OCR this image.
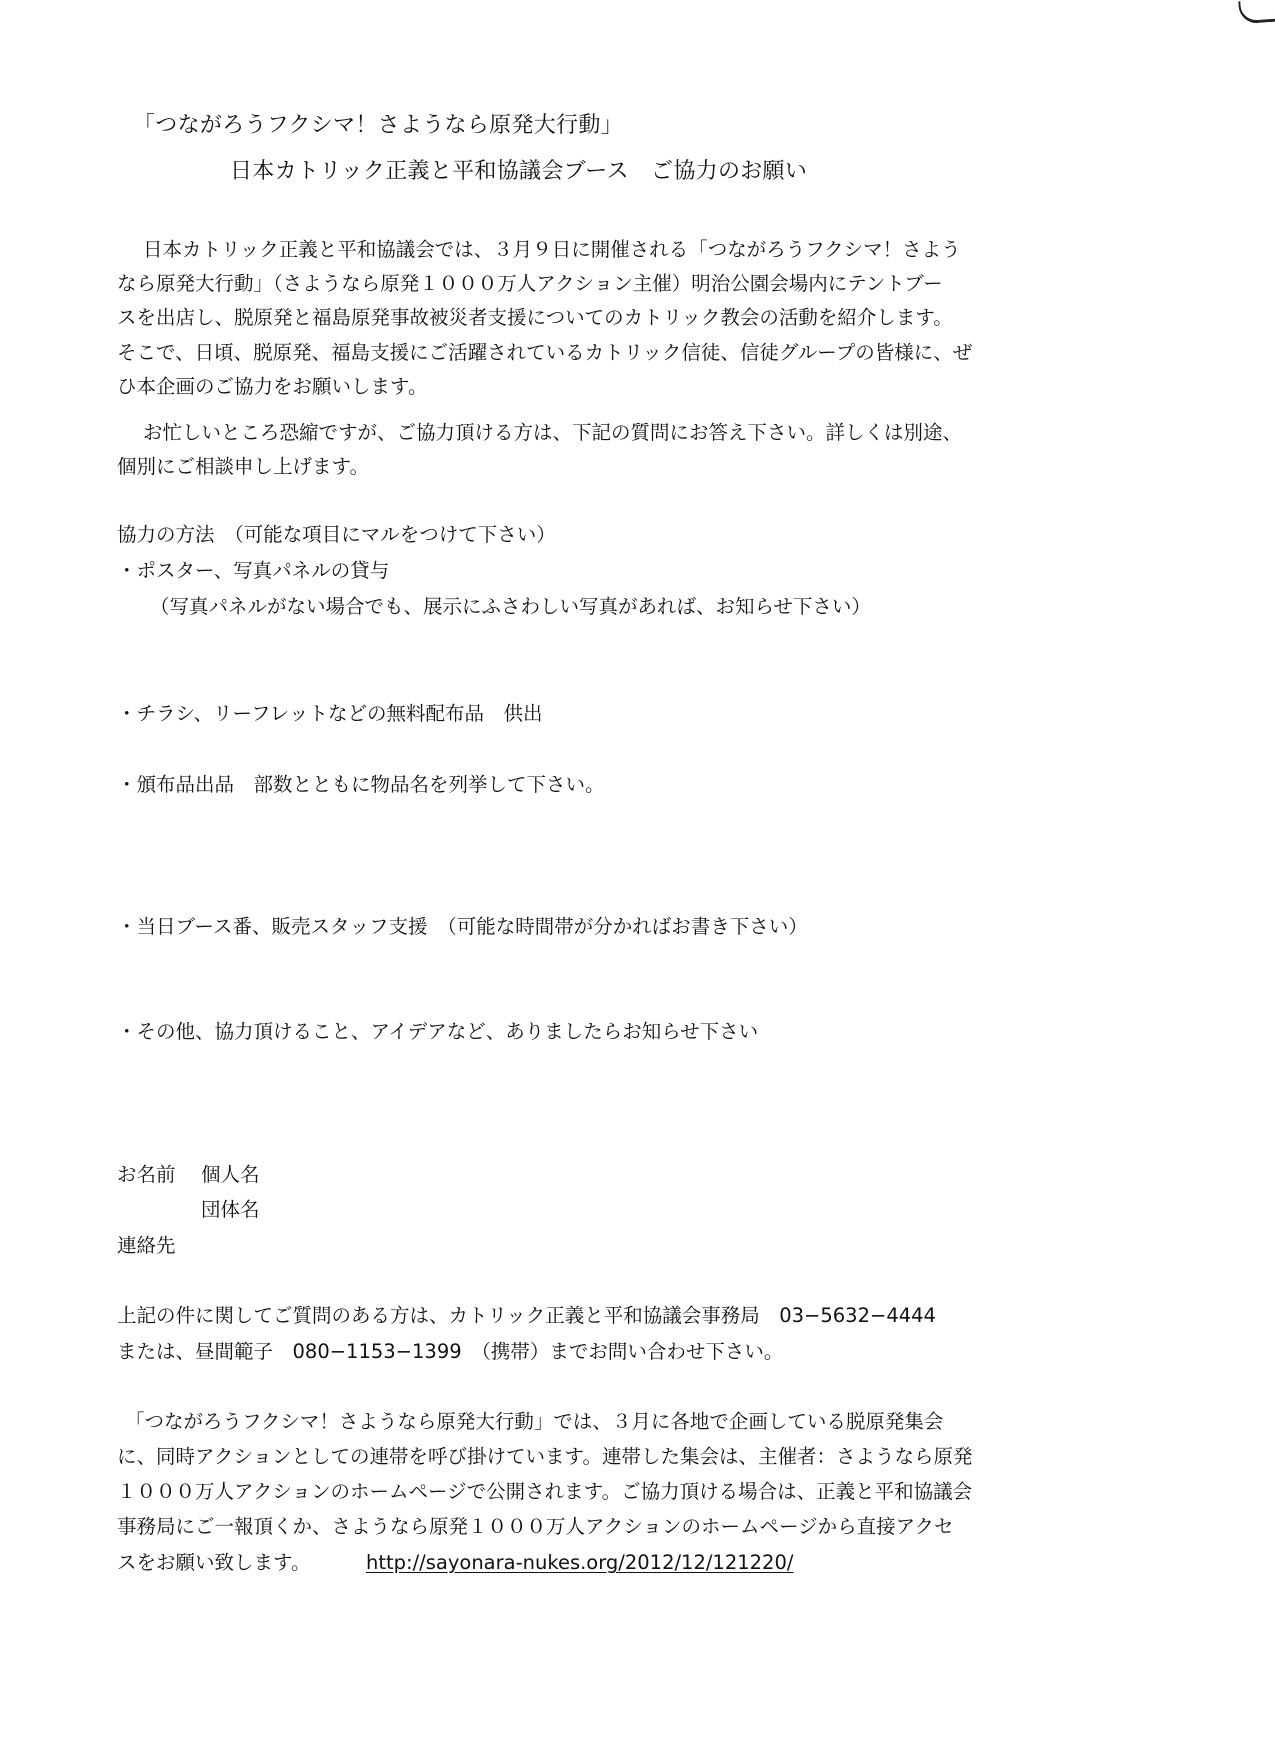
「つながろうフクシマ！さようなら原発大行動」
日本カトリック正義と平和協議会ブース　ご協力のお願い
日本カトリック正義と平和協議会では、３月９日に開催される「つながろうフクシマ！さよう
なら原発大行動」（さようなら原発１０００万人アクション主催）明治公園会場内にテントブー
スを出店し、脱原発と福島原発事故被災者支援についてのカトリック教会の活動を紹介します。
そこで、日頃、脱原発、福島支援にご活躍されているカトリック信徒、信徒グループの皆様に、ぜ
ひ本企画のご協力をお願いします。
お忙しいところ恐縮ですが、ご協力頂ける方は、下記の質問にお答え下さい。詳しくは別途、
個別にご相談申し上げます。
協力の方法　（可能な項目にマルをつけて下さい）
・ポスター、写真パネルの貸与
（写真パネルがない場合でも、展示にふさわしい写真があれば、お知らせ下さい）
・チラシ、リーフレットなどの無料配布品　供出
・頒布品出品　部数とともに物品名を列挙して下さい。
・当日ブース番、販売スタッフ支援　（可能な時間帯が分かればお書き下さい）
・その他、協力頂けること、アイデアなど、ありましたらお知らせ下さい
お名前 個人名
団体名
連絡先
上記の件に関してご質問のある方は、カトリック正義と平和協議会事務局　03−5632−4444
または、昼間範子　080−1153−1399　（携帯）までお問い合わせ下さい。
「つながろうフクシマ！さようなら原発大行動」では、３月に各地で企画している脱原発集会
に、同時アクションとしての連帯を呼び掛けています。連帯した集会は、主催者：さようなら原発
１０００万人アクションのホームページで公開されます。ご協力頂ける場合は、正義と平和協議会
事務局にご一報頂くか、さようなら原発１０００万人アクションのホームページから直接アクセ
スをお願い致します。	http://sayonara-nukes.org/2012/12/121220/
